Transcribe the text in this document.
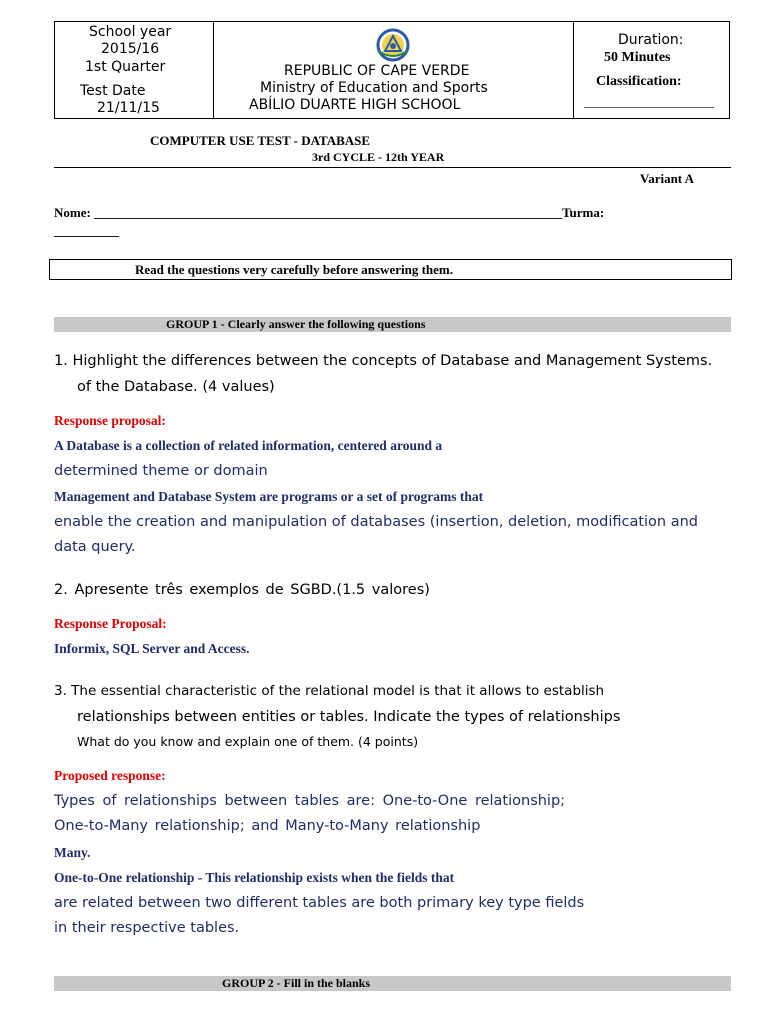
School year
2015/16
1st Quarter
Test Date
21/11/15
REPUBLIC OF CAPE VERDE
Ministry of Education and Sports
ABÍLIO DUARTE HIGH SCHOOL
Duration:
50 Minutes
Classification:
____________________
COMPUTER USE TEST - DATABASE
3rd CYCLE - 12th YEAR
Variant A
Nome: ________________________________________________________________________Turma:
__________
Read the questions very carefully before answering them.
GROUP 1 - Clearly answer the following questions
1. Highlight the differences between the concepts of Database and Management Systems.
of the Database. (4 values)
Response proposal:
A Database is a collection of related information, centered around a
determined theme or domain
Management and Database System are programs or a set of programs that
enable the creation and manipulation of databases (insertion, deletion, modification and
data query.
2. Apresente três exemplos de SGBD.(1.5 valores)
Response Proposal:
Informix, SQL Server and Access.
3. The essential characteristic of the relational model is that it allows to establish
relationships between entities or tables. Indicate the types of relationships
What do you know and explain one of them. (4 points)
Proposed response:
Types of relationships between tables are: One-to-One relationship;
One-to-Many relationship; and Many-to-Many relationship
Many.
One-to-One relationship - This relationship exists when the fields that
are related between two different tables are both primary key type fields
in their respective tables.
GROUP 2 - Fill in the blanks
